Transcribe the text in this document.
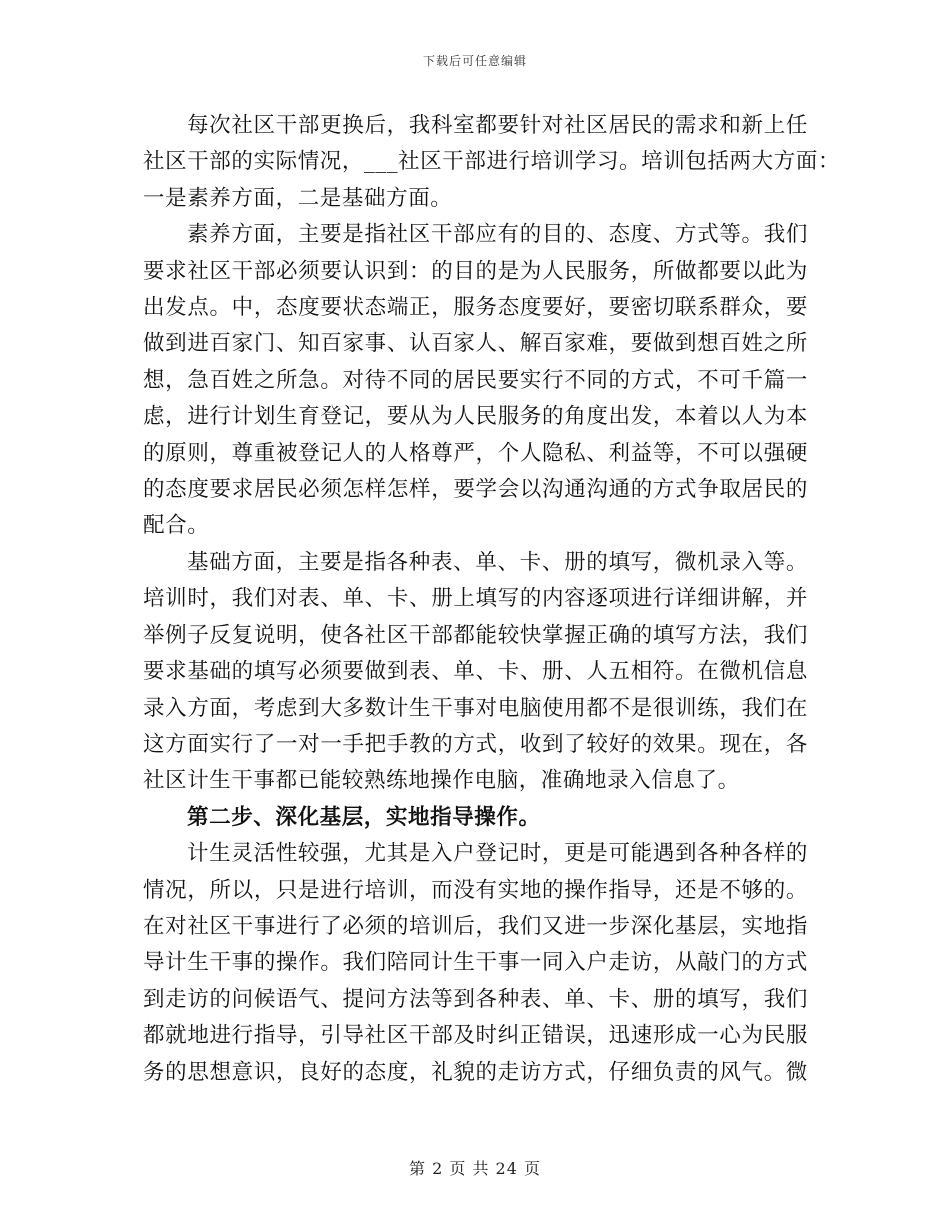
下载后可任意编辑
每次社区干部更换后，我科室都要针对社区居民的需求和新上任
社区干部的实际情况，___社区干部进行培训学习。培训包括两大方面：
一是素养方面，二是基础方面。
素养方面，主要是指社区干部应有的目的、态度、方式等。我们
要求社区干部必须要认识到：的目的是为人民服务，所做都要以此为
出发点。中，态度要状态端正，服务态度要好，要密切联系群众，要
做到进百家门、知百家事、认百家人、解百家难，要做到想百姓之所
想，急百姓之所急。对待不同的居民要实行不同的方式，不可千篇一
虑，进行计划生育登记，要从为人民服务的角度出发，本着以人为本
的原则，尊重被登记人的人格尊严，个人隐私、利益等，不可以强硬
的态度要求居民必须怎样怎样，要学会以沟通沟通的方式争取居民的
配合。
基础方面，主要是指各种表、单、卡、册的填写，微机录入等。
培训时，我们对表、单、卡、册上填写的内容逐项进行详细讲解，并
举例子反复说明，使各社区干部都能较快掌握正确的填写方法，我们
要求基础的填写必须要做到表、单、卡、册、人五相符。在微机信息
录入方面，考虑到大多数计生干事对电脑使用都不是很训练，我们在
这方面实行了一对一手把手教的方式，收到了较好的效果。现在，各
社区计生干事都已能较熟练地操作电脑，准确地录入信息了。
第二步、深化基层，实地指导操作。
计生灵活性较强，尤其是入户登记时，更是可能遇到各种各样的
情况，所以，只是进行培训，而没有实地的操作指导，还是不够的。
在对社区干事进行了必须的培训后，我们又进一步深化基层，实地指
导计生干事的操作。我们陪同计生干事一同入户走访，从敲门的方式
到走访的问候语气、提问方法等到各种表、单、卡、册的填写，我们
都就地进行指导，引导社区干部及时纠正错误，迅速形成一心为民服
务的思想意识，良好的态度，礼貌的走访方式，仔细负责的风气。微
第 2 页 共 24 页
